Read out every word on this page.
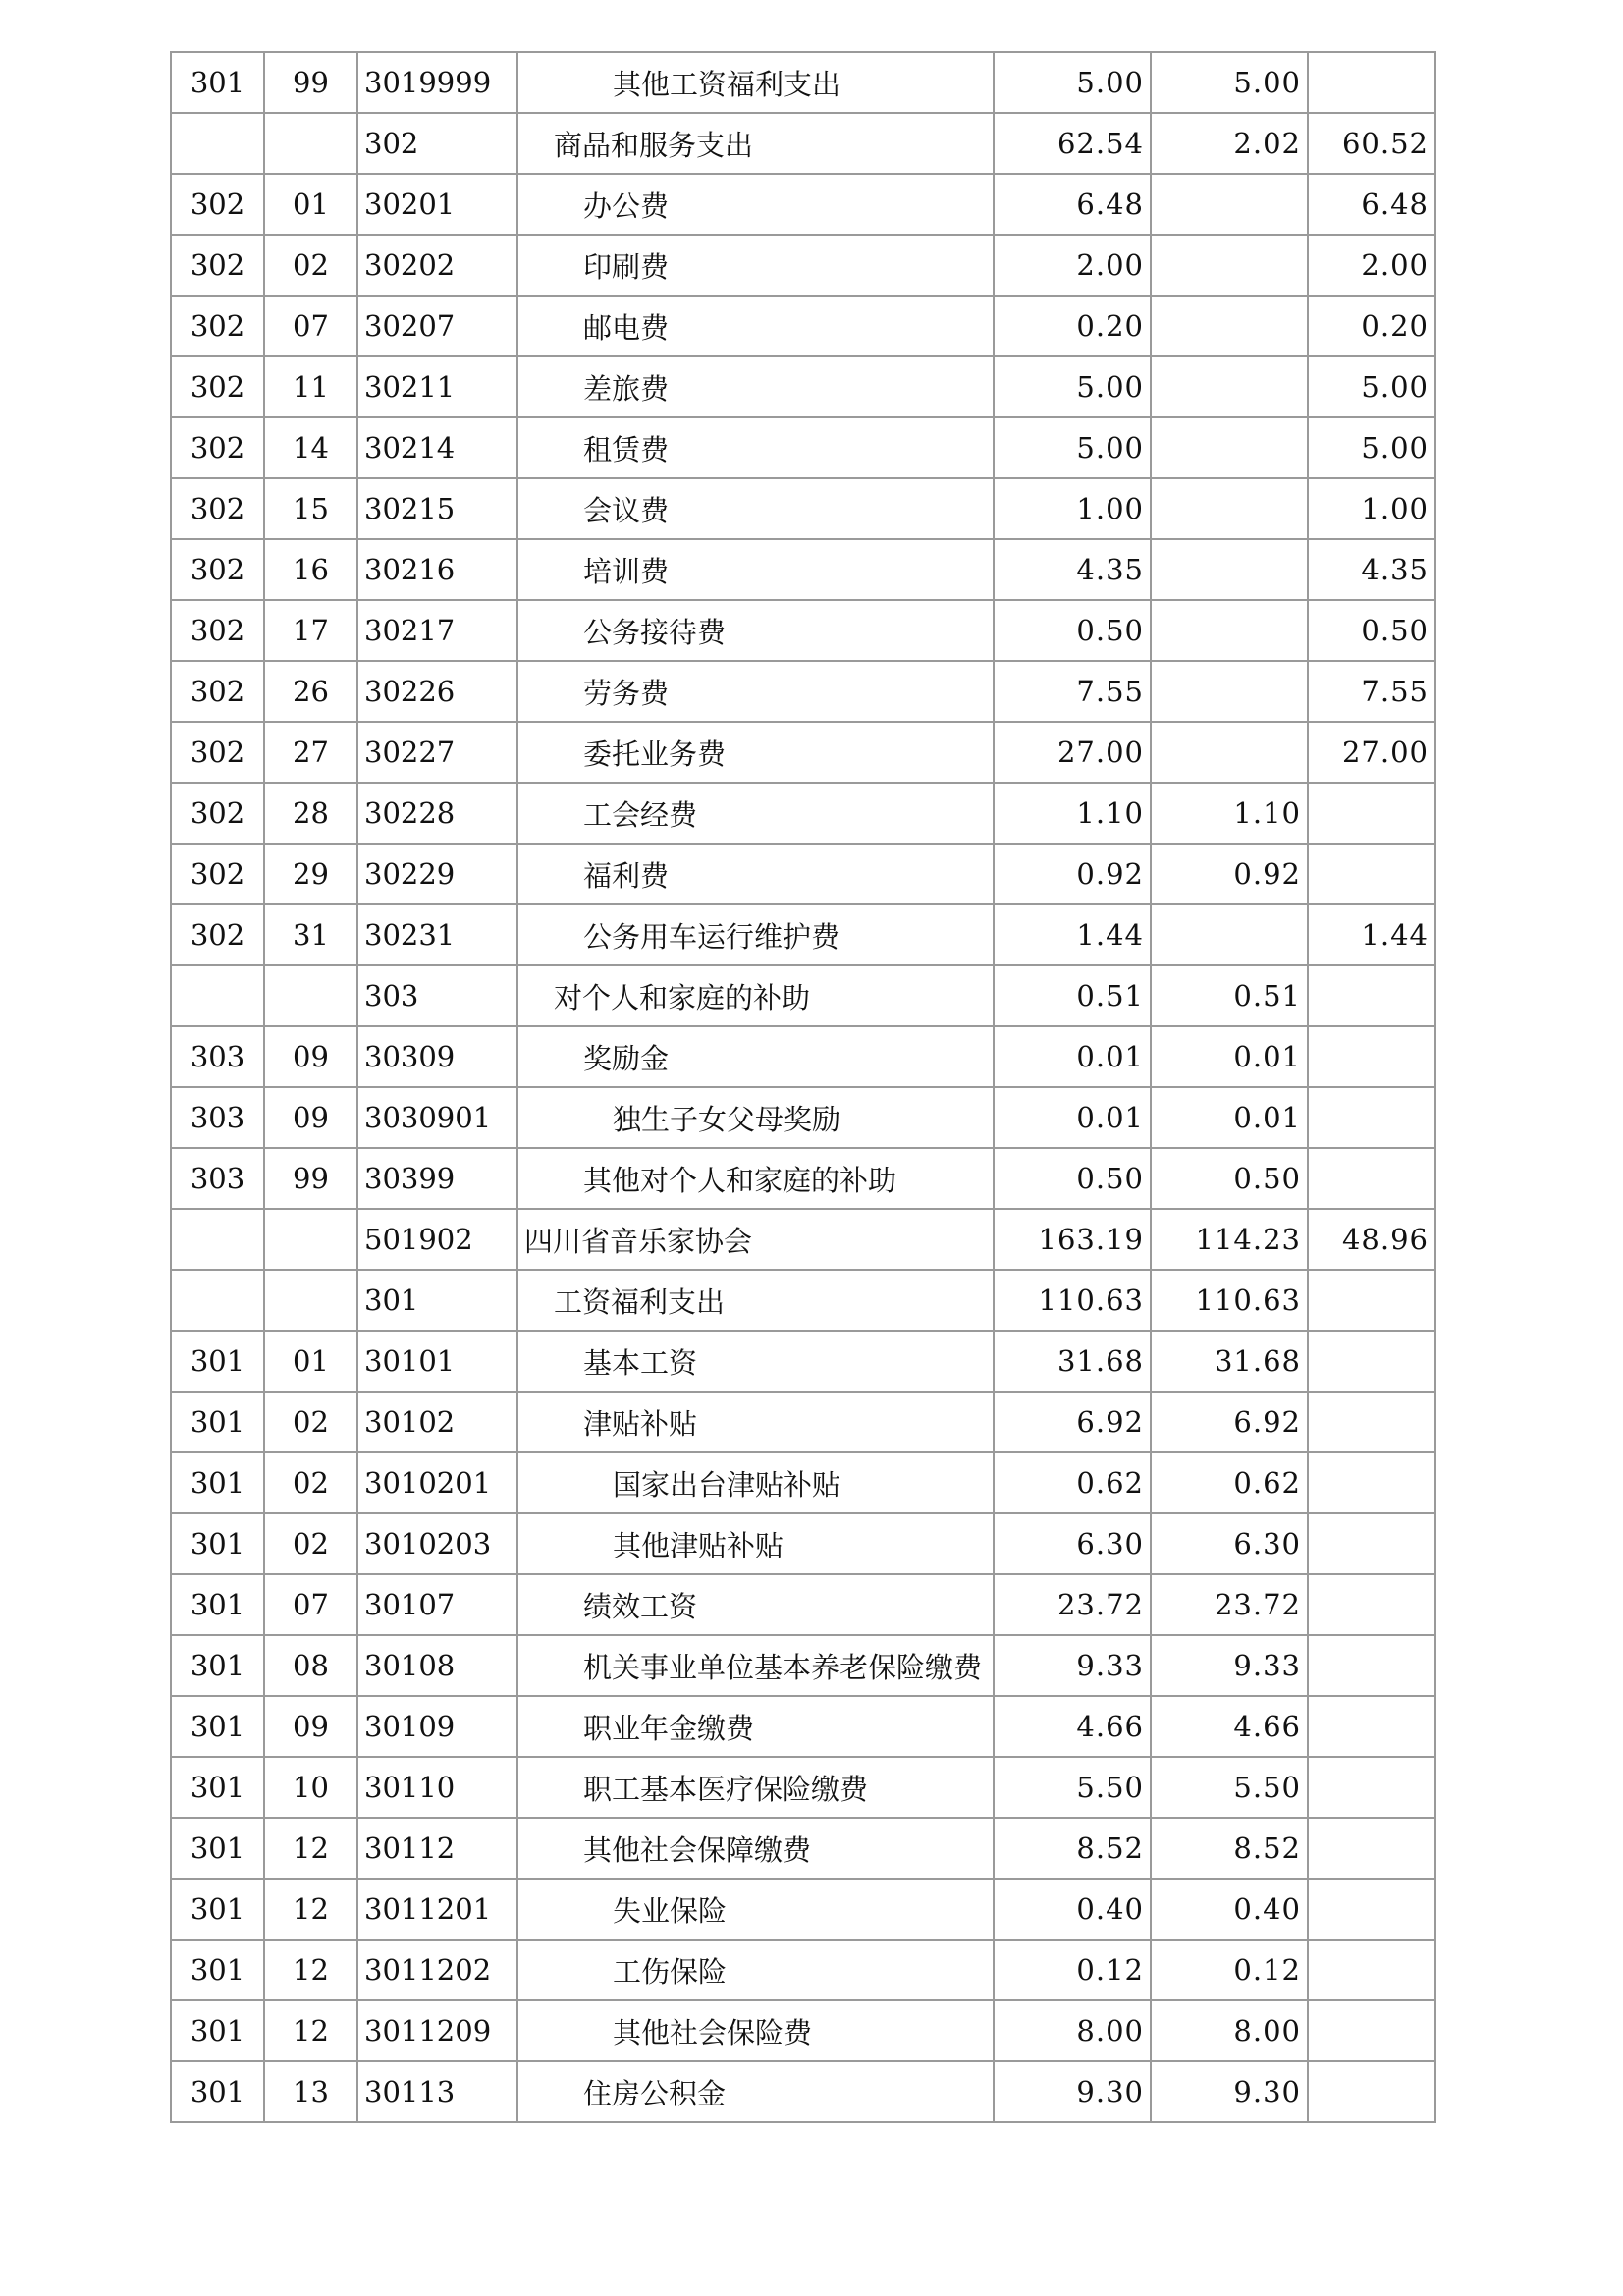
301	99	3019999	其他工资福利支出	5.00	5.00	
		302	商品和服务支出	62.54	2.02	60.52
302	01	30201	办公费	6.48		6.48
302	02	30202	印刷费	2.00		2.00
302	07	30207	邮电费	0.20		0.20
302	11	30211	差旅费	5.00		5.00
302	14	30214	租赁费	5.00		5.00
302	15	30215	会议费	1.00		1.00
302	16	30216	培训费	4.35		4.35
302	17	30217	公务接待费	0.50		0.50
302	26	30226	劳务费	7.55		7.55
302	27	30227	委托业务费	27.00		27.00
302	28	30228	工会经费	1.10	1.10	
302	29	30229	福利费	0.92	0.92	
302	31	30231	公务用车运行维护费	1.44		1.44
		303	对个人和家庭的补助	0.51	0.51	
303	09	30309	奖励金	0.01	0.01	
303	09	3030901	独生子女父母奖励	0.01	0.01	
303	99	30399	其他对个人和家庭的补助	0.50	0.50	
		501902	四川省音乐家协会	163.19	114.23	48.96
		301	工资福利支出	110.63	110.63	
301	01	30101	基本工资	31.68	31.68	
301	02	30102	津贴补贴	6.92	6.92	
301	02	3010201	国家出台津贴补贴	0.62	0.62	
301	02	3010203	其他津贴补贴	6.30	6.30	
301	07	30107	绩效工资	23.72	23.72	
301	08	30108	机关事业单位基本养老保险缴费	9.33	9.33	
301	09	30109	职业年金缴费	4.66	4.66	
301	10	30110	职工基本医疗保险缴费	5.50	5.50	
301	12	30112	其他社会保障缴费	8.52	8.52	
301	12	3011201	失业保险	0.40	0.40	
301	12	3011202	工伤保险	0.12	0.12	
301	12	3011209	其他社会保险费	8.00	8.00	
301	13	30113	住房公积金	9.30	9.30	
